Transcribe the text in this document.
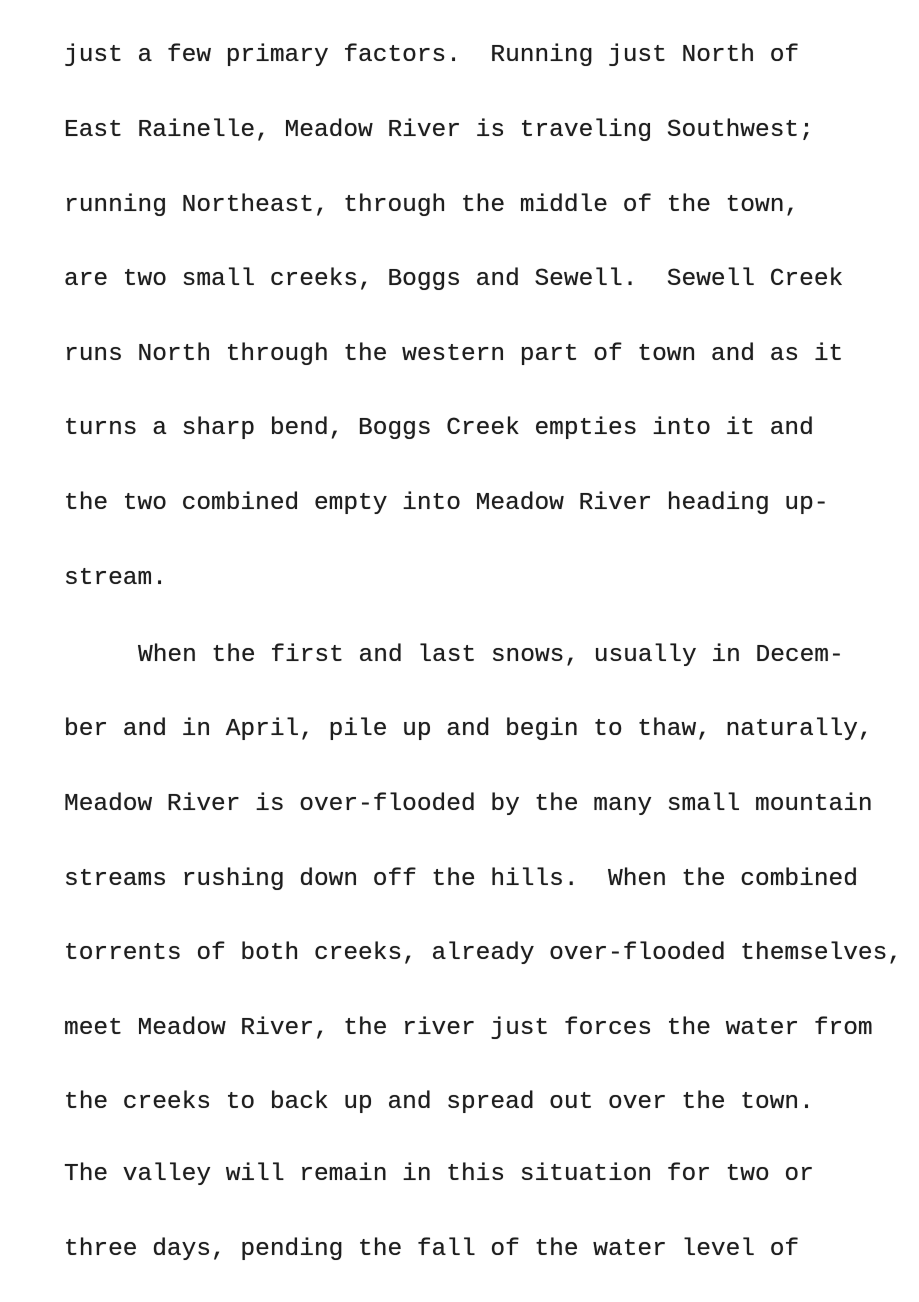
just a few primary factors.  Running just North of
East Rainelle, Meadow River is traveling Southwest;
running Northeast, through the middle of the town,
are two small creeks, Boggs and Sewell.  Sewell Creek
runs North through the western part of town and as it
turns a sharp bend, Boggs Creek empties into it and
the two combined empty into Meadow River heading up-
stream.
When the first and last snows, usually in Decem-
ber and in April, pile up and begin to thaw, naturally,
Meadow River is over-flooded by the many small mountain
streams rushing down off the hills.  When the combined
torrents of both creeks, already over-flooded themselves,
meet Meadow River, the river just forces the water from
the creeks to back up and spread out over the town.
The valley will remain in this situation for two or
three days, pending the fall of the water level of
